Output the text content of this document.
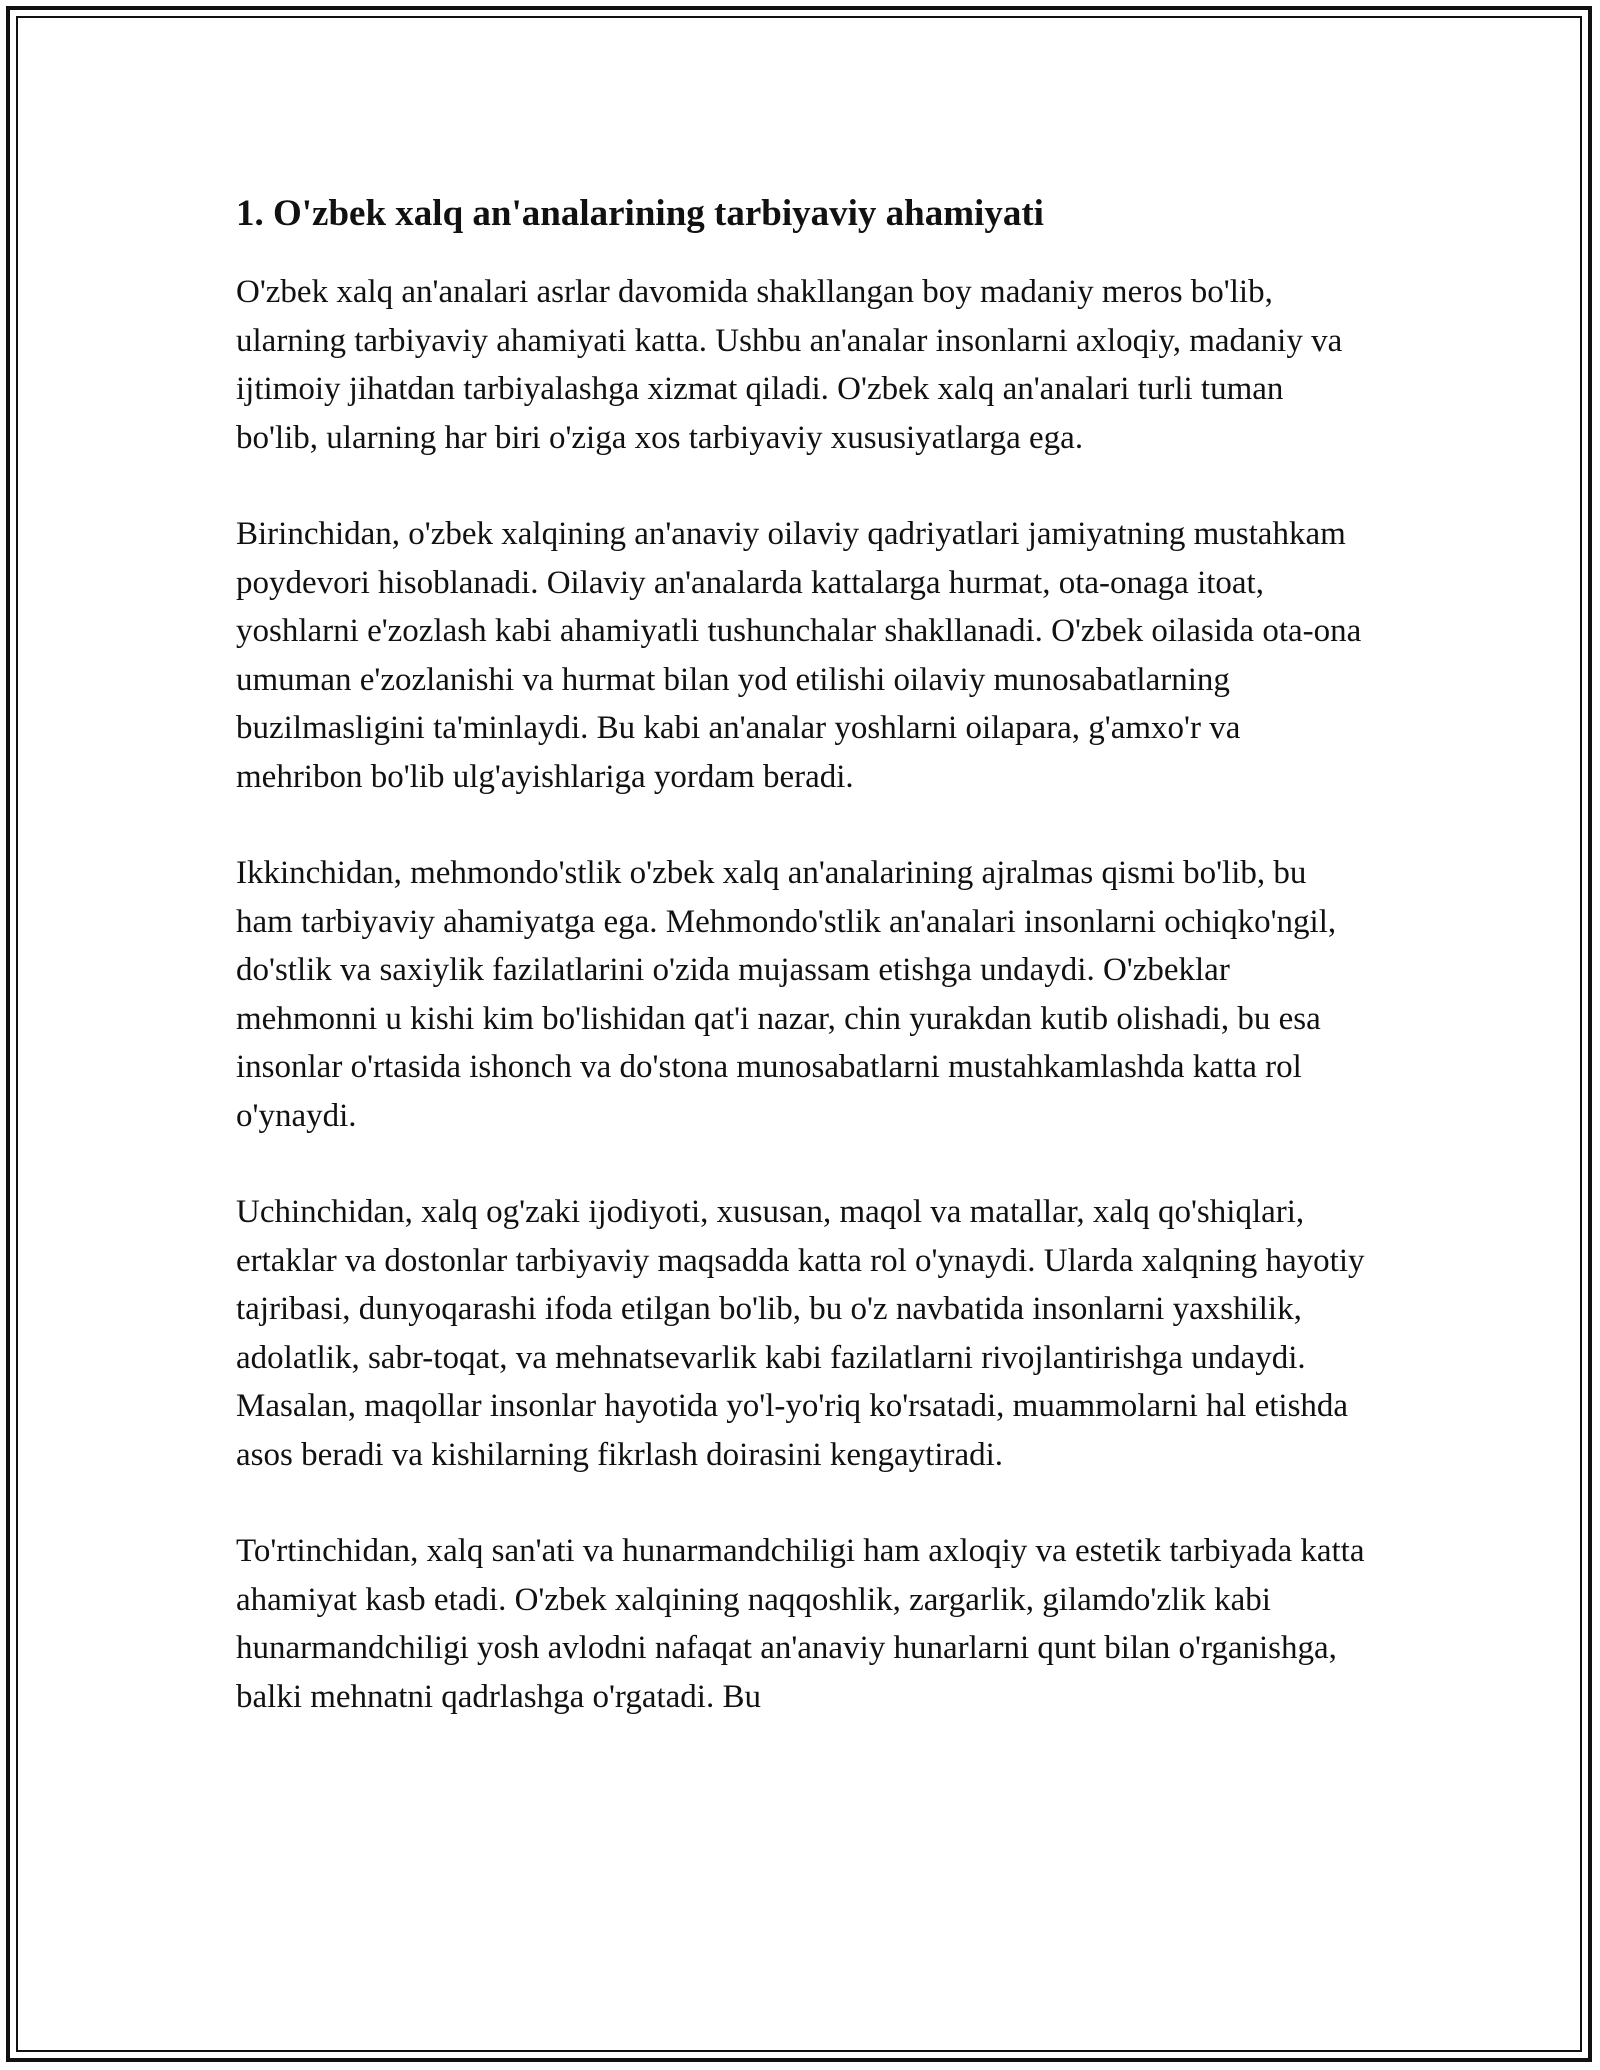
1. O'zbek xalq an'analarining tarbiyaviy ahamiyati

O'zbek xalq an'analari asrlar davomida shakllangan boy madaniy meros bo'lib, ularning tarbiyaviy ahamiyati katta. Ushbu an'analar insonlarni axloqiy, madaniy va ijtimoiy jihatdan tarbiyalashga xizmat qiladi. O'zbek xalq an'analari turli tuman bo'lib, ularning har biri o'ziga xos tarbiyaviy xususiyatlarga ega.

Birinchidan, o'zbek xalqining an'anaviy oilaviy qadriyatlari jamiyatning mustahkam poydevori hisoblanadi. Oilaviy an'analarda kattalarga hurmat, ota-onaga itoat, yoshlarni e'zozlash kabi ahamiyatli tushunchalar shakllanadi. O'zbek oilasida ota-ona umuman e'zozlanishi va hurmat bilan yod etilishi oilaviy munosabatlarning buzilmasligini ta'minlaydi. Bu kabi an'analar yoshlarni oilapara, g'amxo'r va mehribon bo'lib ulg'ayishlariga yordam beradi.

Ikkinchidan, mehmondo'stlik o'zbek xalq an'analarining ajralmas qismi bo'lib, bu ham tarbiyaviy ahamiyatga ega. Mehmondo'stlik an'analari insonlarni ochiqko'ngil, do'stlik va saxiylik fazilatlarini o'zida mujassam etishga undaydi. O'zbeklar mehmonni u kishi kim bo'lishidan qat'i nazar, chin yurakdan kutib olishadi, bu esa insonlar o'rtasida ishonch va do'stona munosabatlarni mustahkamlashda katta rol o'ynaydi.

Uchinchidan, xalq og'zaki ijodiyoti, xususan, maqol va matallar, xalq qo'shiqlari, ertaklar va dostonlar tarbiyaviy maqsadda katta rol o'ynaydi. Ularda xalqning hayotiy tajribasi, dunyoqarashi ifoda etilgan bo'lib, bu o'z navbatida insonlarni yaxshilik, adolatlik, sabr-toqat, va mehnatsevarlik kabi fazilatlarni rivojlantirishga undaydi. Masalan, maqollar insonlar hayotida yo'l-yo'riq ko'rsatadi, muammolarni hal etishda asos beradi va kishilarning fikrlash doirasini kengaytiradi.

To'rtinchidan, xalq san'ati va hunarmandchiligi ham axloqiy va estetik tarbiyada katta ahamiyat kasb etadi. O'zbek xalqining naqqoshlik, zargarlik, gilamdo'zlik kabi hunarmandchiligi yosh avlodni nafaqat an'anaviy hunarlarni qunt bilan o'rganishga, balki mehnatni qadrlashga o'rgatadi. Bu
